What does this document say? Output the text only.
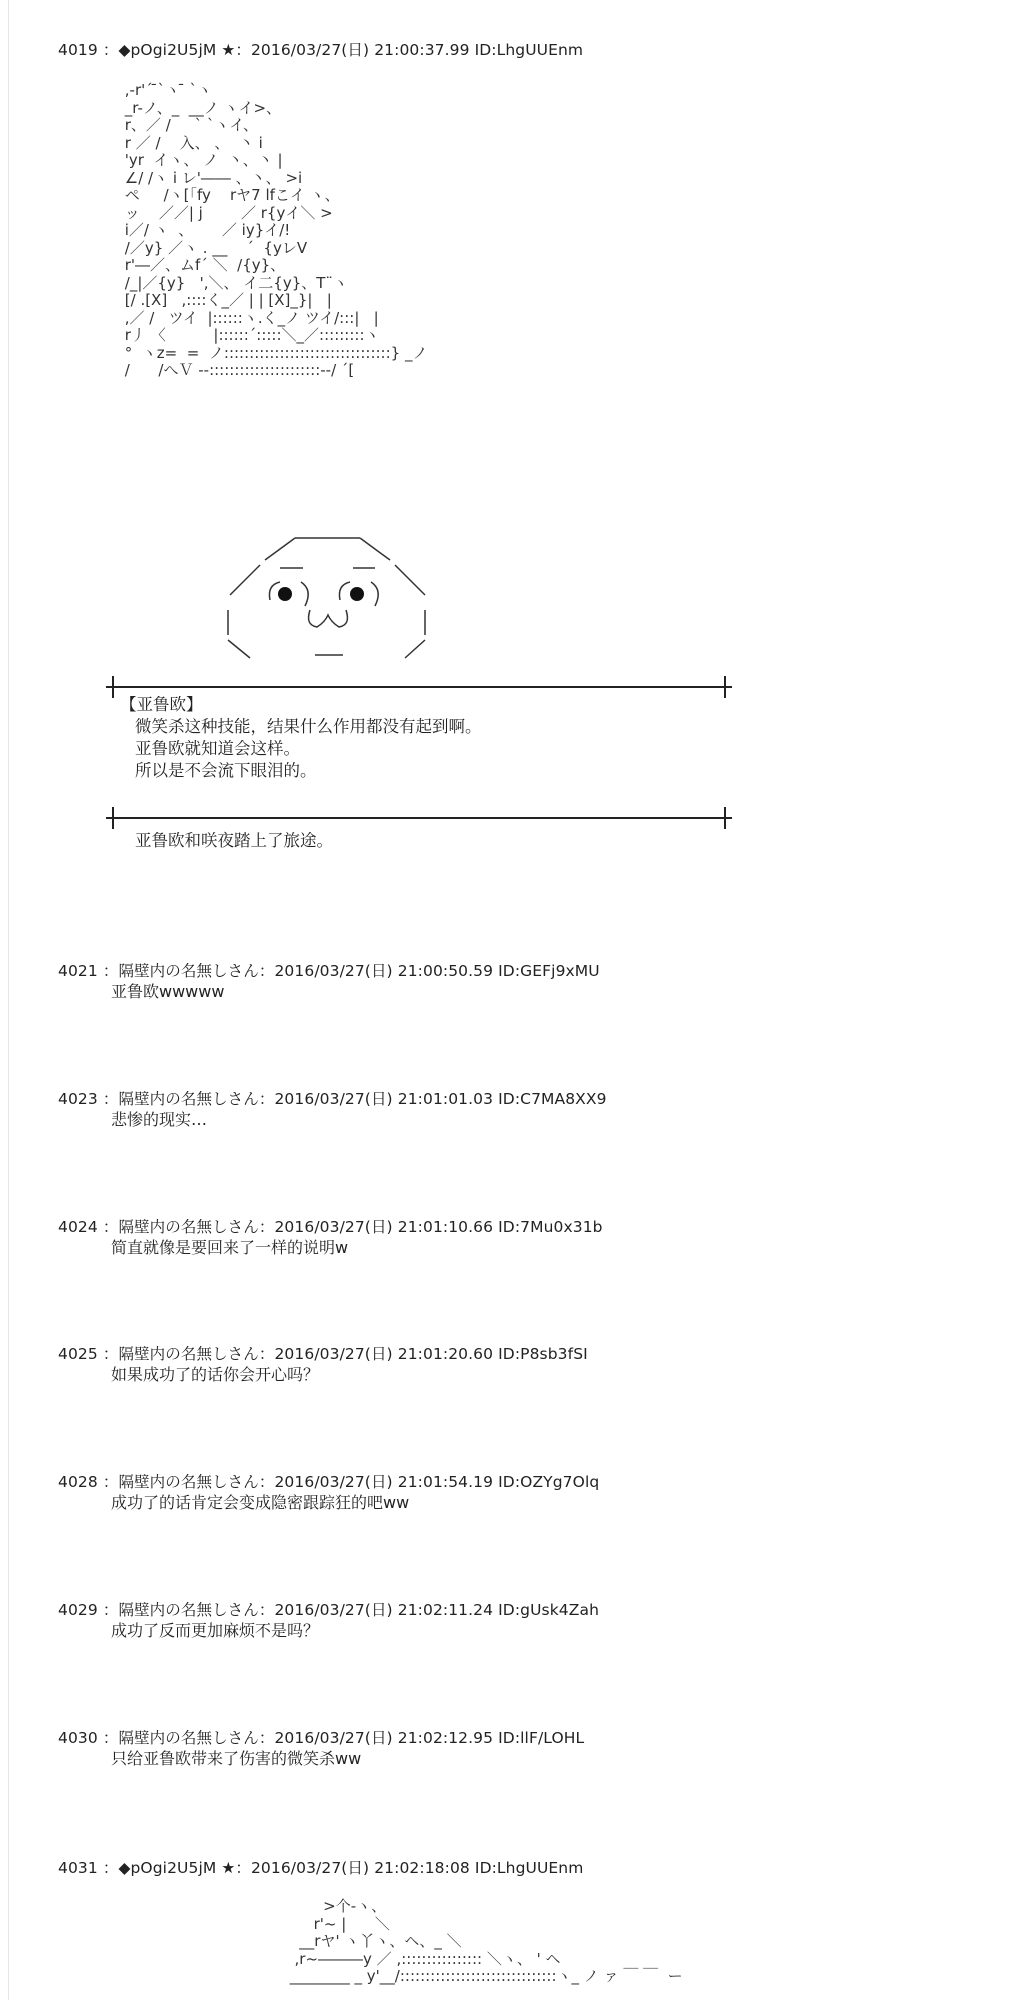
4019 ：◆pOgi2U5jM ★：2016/03/27(日) 21:00:37.99 ID:LhgUUEnm
,-r'´ ̄`ヽ ̄ `ヽ
_r-ノ、_  __ノ ヽイ>、
r、／ /     ` `ヽイ、
r ／ /    入、 、  丶 i
'yr  イヽ、 ノ  丶、丶 |
∠/ /ヽ i レ'―― 、丶、 >i
ペ     /ヽ[「fy    rヤ7 lfこイ ヽ、
ッ    ／／| j        ／ r{yイ＼ >
i／/ ヽ  、      ／ iy}イ/!
/／y} ／ヽ . __    ´  {yレV
r'―／、ムf´ ＼  /{y}、
/_|／{y}   ',＼、 イ二{y}、T¨ヽ
[/ .[X]   ,::::く_／ | | [X]_}|   |
,／ /   ツイ  |::::::ヽ.く_ノ ツイ/:::|   |
r丿 〈          |::::::´:::::＼_／:::::::::ヽ
°  ヽz=  =  ノ:::::::::::::::::::::::::::::::::} _ノ
/      /へＶ --::::::::::::::::::::::--/ ´[
【亚鲁欧】
微笑杀这种技能，结果什么作用都没有起到啊。
亚鲁欧就知道会这样。
所以是不会流下眼泪的。
亚鲁欧和咲夜踏上了旅途。
4021 ：隔壁内の名無しさん：2016/03/27(日) 21:00:50.59 ID:GEFj9xMU
亚鲁欧wwwww
4023 ：隔壁内の名無しさん：2016/03/27(日) 21:01:01.03 ID:C7MA8XX9
悲惨的现实…
4024 ：隔壁内の名無しさん：2016/03/27(日) 21:01:10.66 ID:7Mu0x31b
简直就像是要回来了一样的说明w
4025 ：隔壁内の名無しさん：2016/03/27(日) 21:01:20.60 ID:P8sb3fSI
如果成功了的话你会开心吗？
4028 ：隔壁内の名無しさん：2016/03/27(日) 21:01:54.19 ID:OZYg7Olq
成功了的话肯定会变成隐密跟踪狂的吧ww
4029 ：隔壁内の名無しさん：2016/03/27(日) 21:02:11.24 ID:gUsk4Zah
成功了反而更加麻烦不是吗？
4030 ：隔壁内の名無しさん：2016/03/27(日) 21:02:12.95 ID:llF/LOHL
只给亚鲁欧带来了伤害的微笑杀ww
4031 ：◆pOgi2U5jM ★：2016/03/27(日) 21:02:18:08 ID:LhgUUEnm
>个-ヽ、
r'~ |      ＼
__rヤ' ヽ丫ヽ、ヘ、_ ＼
,r~―――y ／ ,:::::::::::::::: ＼ヽ、 ' ヘ
________ _ y'__/:::::::::::::::::::::::::::::::ヽ_ ノ ァ ￣ ￣  ー
